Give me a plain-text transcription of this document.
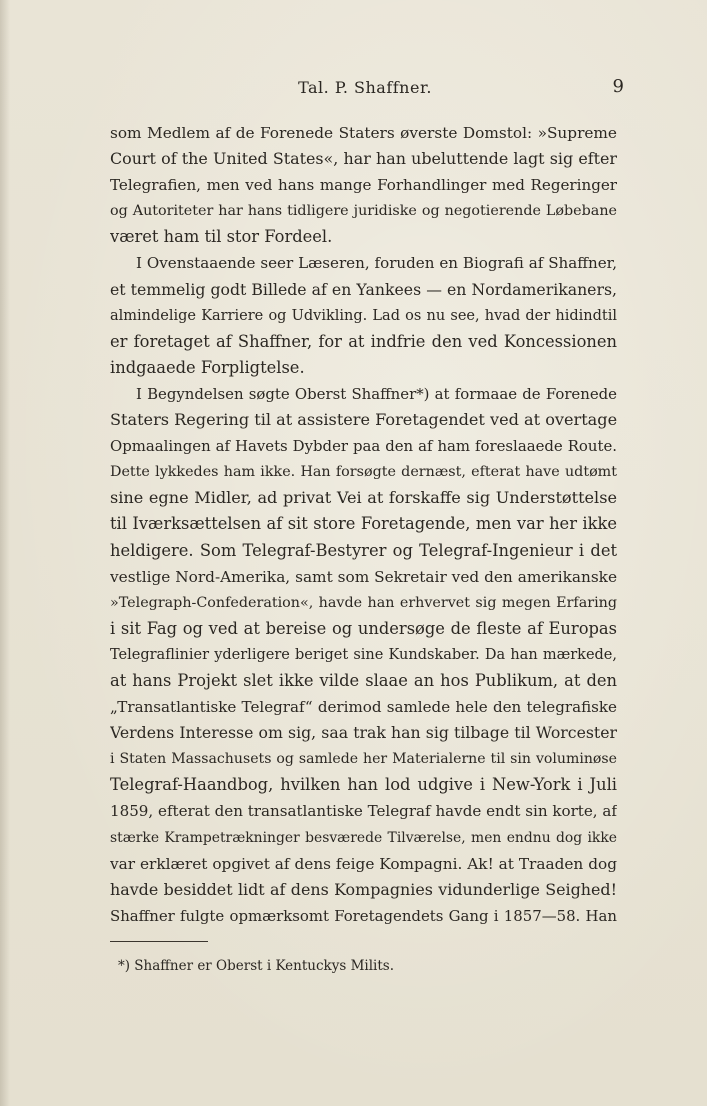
Tal. P. Shaffner.	9
som Medlem af de Forenede Staters øverste Domstol: »Supreme
Court of the United States«, har han ubeluttende lagt sig efter
Telegrafien, men ved hans mange Forhandlinger med Regeringer
og Autoriteter har hans tidligere juridiske og negotierende Løbebane
været ham til stor Fordeel.
I Ovenstaaende seer Læseren, foruden en Biografi af Shaffner,
et temmelig godt Billede af en Yankees — en Nordamerikaners,
almindelige Karriere og Udvikling. Lad os nu see, hvad der hidindtil
er foretaget af Shaffner, for at indfrie den ved Koncessionen
indgaaede Forpligtelse.
I Begyndelsen søgte Oberst Shaffner*) at formaae de Forenede
Staters Regering til at assistere Foretagendet ved at overtage
Opmaalingen af Havets Dybder paa den af ham foreslaaede Route.
Dette lykkedes ham ikke. Han forsøgte dernæst, efterat have udtømt
sine egne Midler, ad privat Vei at forskaffe sig Understøttelse
til Iværksættelsen af sit store Foretagende, men var her ikke
heldigere. Som Telegraf-Bestyrer og Telegraf-Ingenieur i det
vestlige Nord-Amerika, samt som Sekretair ved den amerikanske
»Telegraph-Confederation«, havde han erhvervet sig megen Erfaring
i sit Fag og ved at bereise og undersøge de fleste af Europas
Telegraflinier yderligere beriget sine Kundskaber. Da han mærkede,
at hans Projekt slet ikke vilde slaae an hos Publikum, at den
„Transatlantiske Telegraf“ derimod samlede hele den telegrafiske
Verdens Interesse om sig, saa trak han sig tilbage til Worcester
i Staten Massachusets og samlede her Materialerne til sin voluminøse
Telegraf-Haandbog, hvilken han lod udgive i New-York i Juli
1859, efterat den transatlantiske Telegraf havde endt sin korte, af
stærke Krampetrækninger besværede Tilværelse, men endnu dog ikke
var erklæret opgivet af dens feige Kompagni. Ak! at Traaden dog
havde besiddet lidt af dens Kompagnies vidunderlige Seighed!
Shaffner fulgte opmærksomt Foretagendets Gang i 1857—58. Han
*) Shaffner er Oberst i Kentuckys Milits.
